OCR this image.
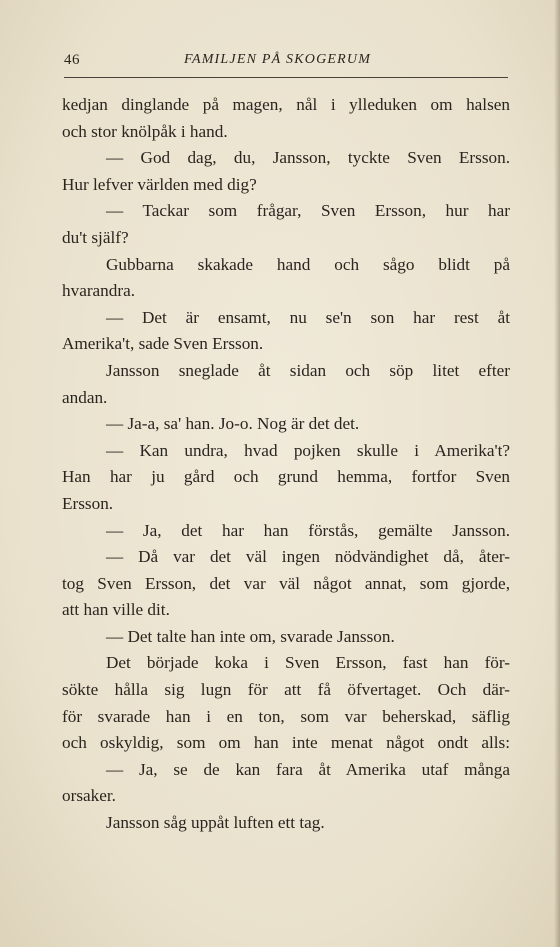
46	FAMILJEN PÅ SKOGERUM
kedjan dinglande på magen, nål i ylleduken om halsen
och stor knölpåk i hand.
— God dag, du, Jansson, tyckte Sven Ersson.
Hur lefver världen med dig?
— Tackar som frågar, Sven Ersson, hur har
du't själf?
Gubbarna skakade hand och sågo blidt på
hvarandra.
— Det är ensamt, nu se'n son har rest åt
Amerika't, sade Sven Ersson.
Jansson sneglade åt sidan och söp litet efter
andan.
— Ja-a, sa' han. Jo-o. Nog är det det.
— Kan undra, hvad pojken skulle i Amerika't?
Han har ju gård och grund hemma, fortfor Sven
Ersson.
— Ja, det har han förstås, gemälte Jansson.
— Då var det väl ingen nödvändighet då, åter-
tog Sven Ersson, det var väl något annat, som gjorde,
att han ville dit.
— Det talte han inte om, svarade Jansson.
Det började koka i Sven Ersson, fast han för-
sökte hålla sig lugn för att få öfvertaget. Och där-
för svarade han i en ton, som var beherskad, säflig
och oskyldig, som om han inte menat något ondt alls:
— Ja, se de kan fara åt Amerika utaf många
orsaker.
Jansson såg uppåt luften ett tag.
